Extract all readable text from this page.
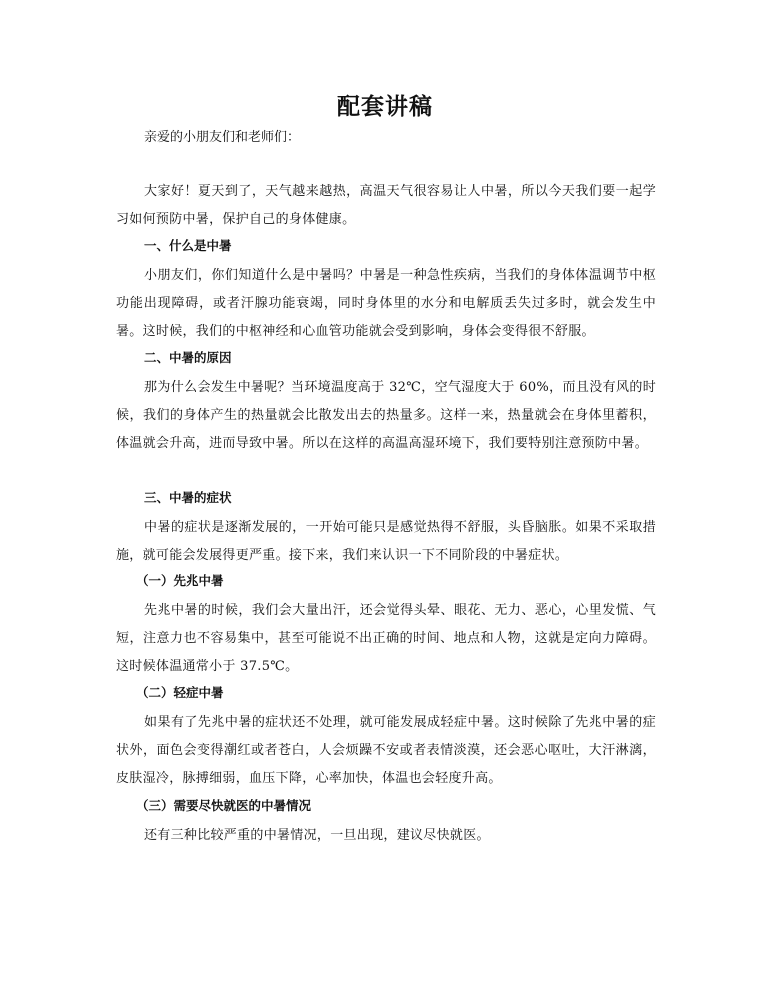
配套讲稿
亲爱的小朋友们和老师们：
大家好！夏天到了，天气越来越热，高温天气很容易让人中暑，所以今天我们要一起学习如何预防中暑，保护自己的身体健康。
一、什么是中暑
小朋友们，你们知道什么是中暑吗？中暑是一种急性疾病，当我们的身体体温调节中枢功能出现障碍，或者汗腺功能衰竭，同时身体里的水分和电解质丢失过多时，就会发生中暑。这时候，我们的中枢神经和心血管功能就会受到影响，身体会变得很不舒服。
二、中暑的原因
那为什么会发生中暑呢？当环境温度高于 32℃，空气湿度大于 60%，而且没有风的时候，我们的身体产生的热量就会比散发出去的热量多。这样一来，热量就会在身体里蓄积，体温就会升高，进而导致中暑。所以在这样的高温高湿环境下，我们要特别注意预防中暑。
三、中暑的症状
中暑的症状是逐渐发展的，一开始可能只是感觉热得不舒服，头昏脑胀。如果不采取措施，就可能会发展得更严重。接下来，我们来认识一下不同阶段的中暑症状。
（一）先兆中暑
先兆中暑的时候，我们会大量出汗，还会觉得头晕、眼花、无力、恶心，心里发慌、气短，注意力也不容易集中，甚至可能说不出正确的时间、地点和人物，这就是定向力障碍。这时候体温通常小于 37.5℃。
（二）轻症中暑
如果有了先兆中暑的症状还不处理，就可能发展成轻症中暑。这时候除了先兆中暑的症状外，面色会变得潮红或者苍白，人会烦躁不安或者表情淡漠，还会恶心呕吐，大汗淋漓，皮肤湿冷，脉搏细弱，血压下降，心率加快，体温也会轻度升高。
（三）需要尽快就医的中暑情况
还有三种比较严重的中暑情况，一旦出现，建议尽快就医。
